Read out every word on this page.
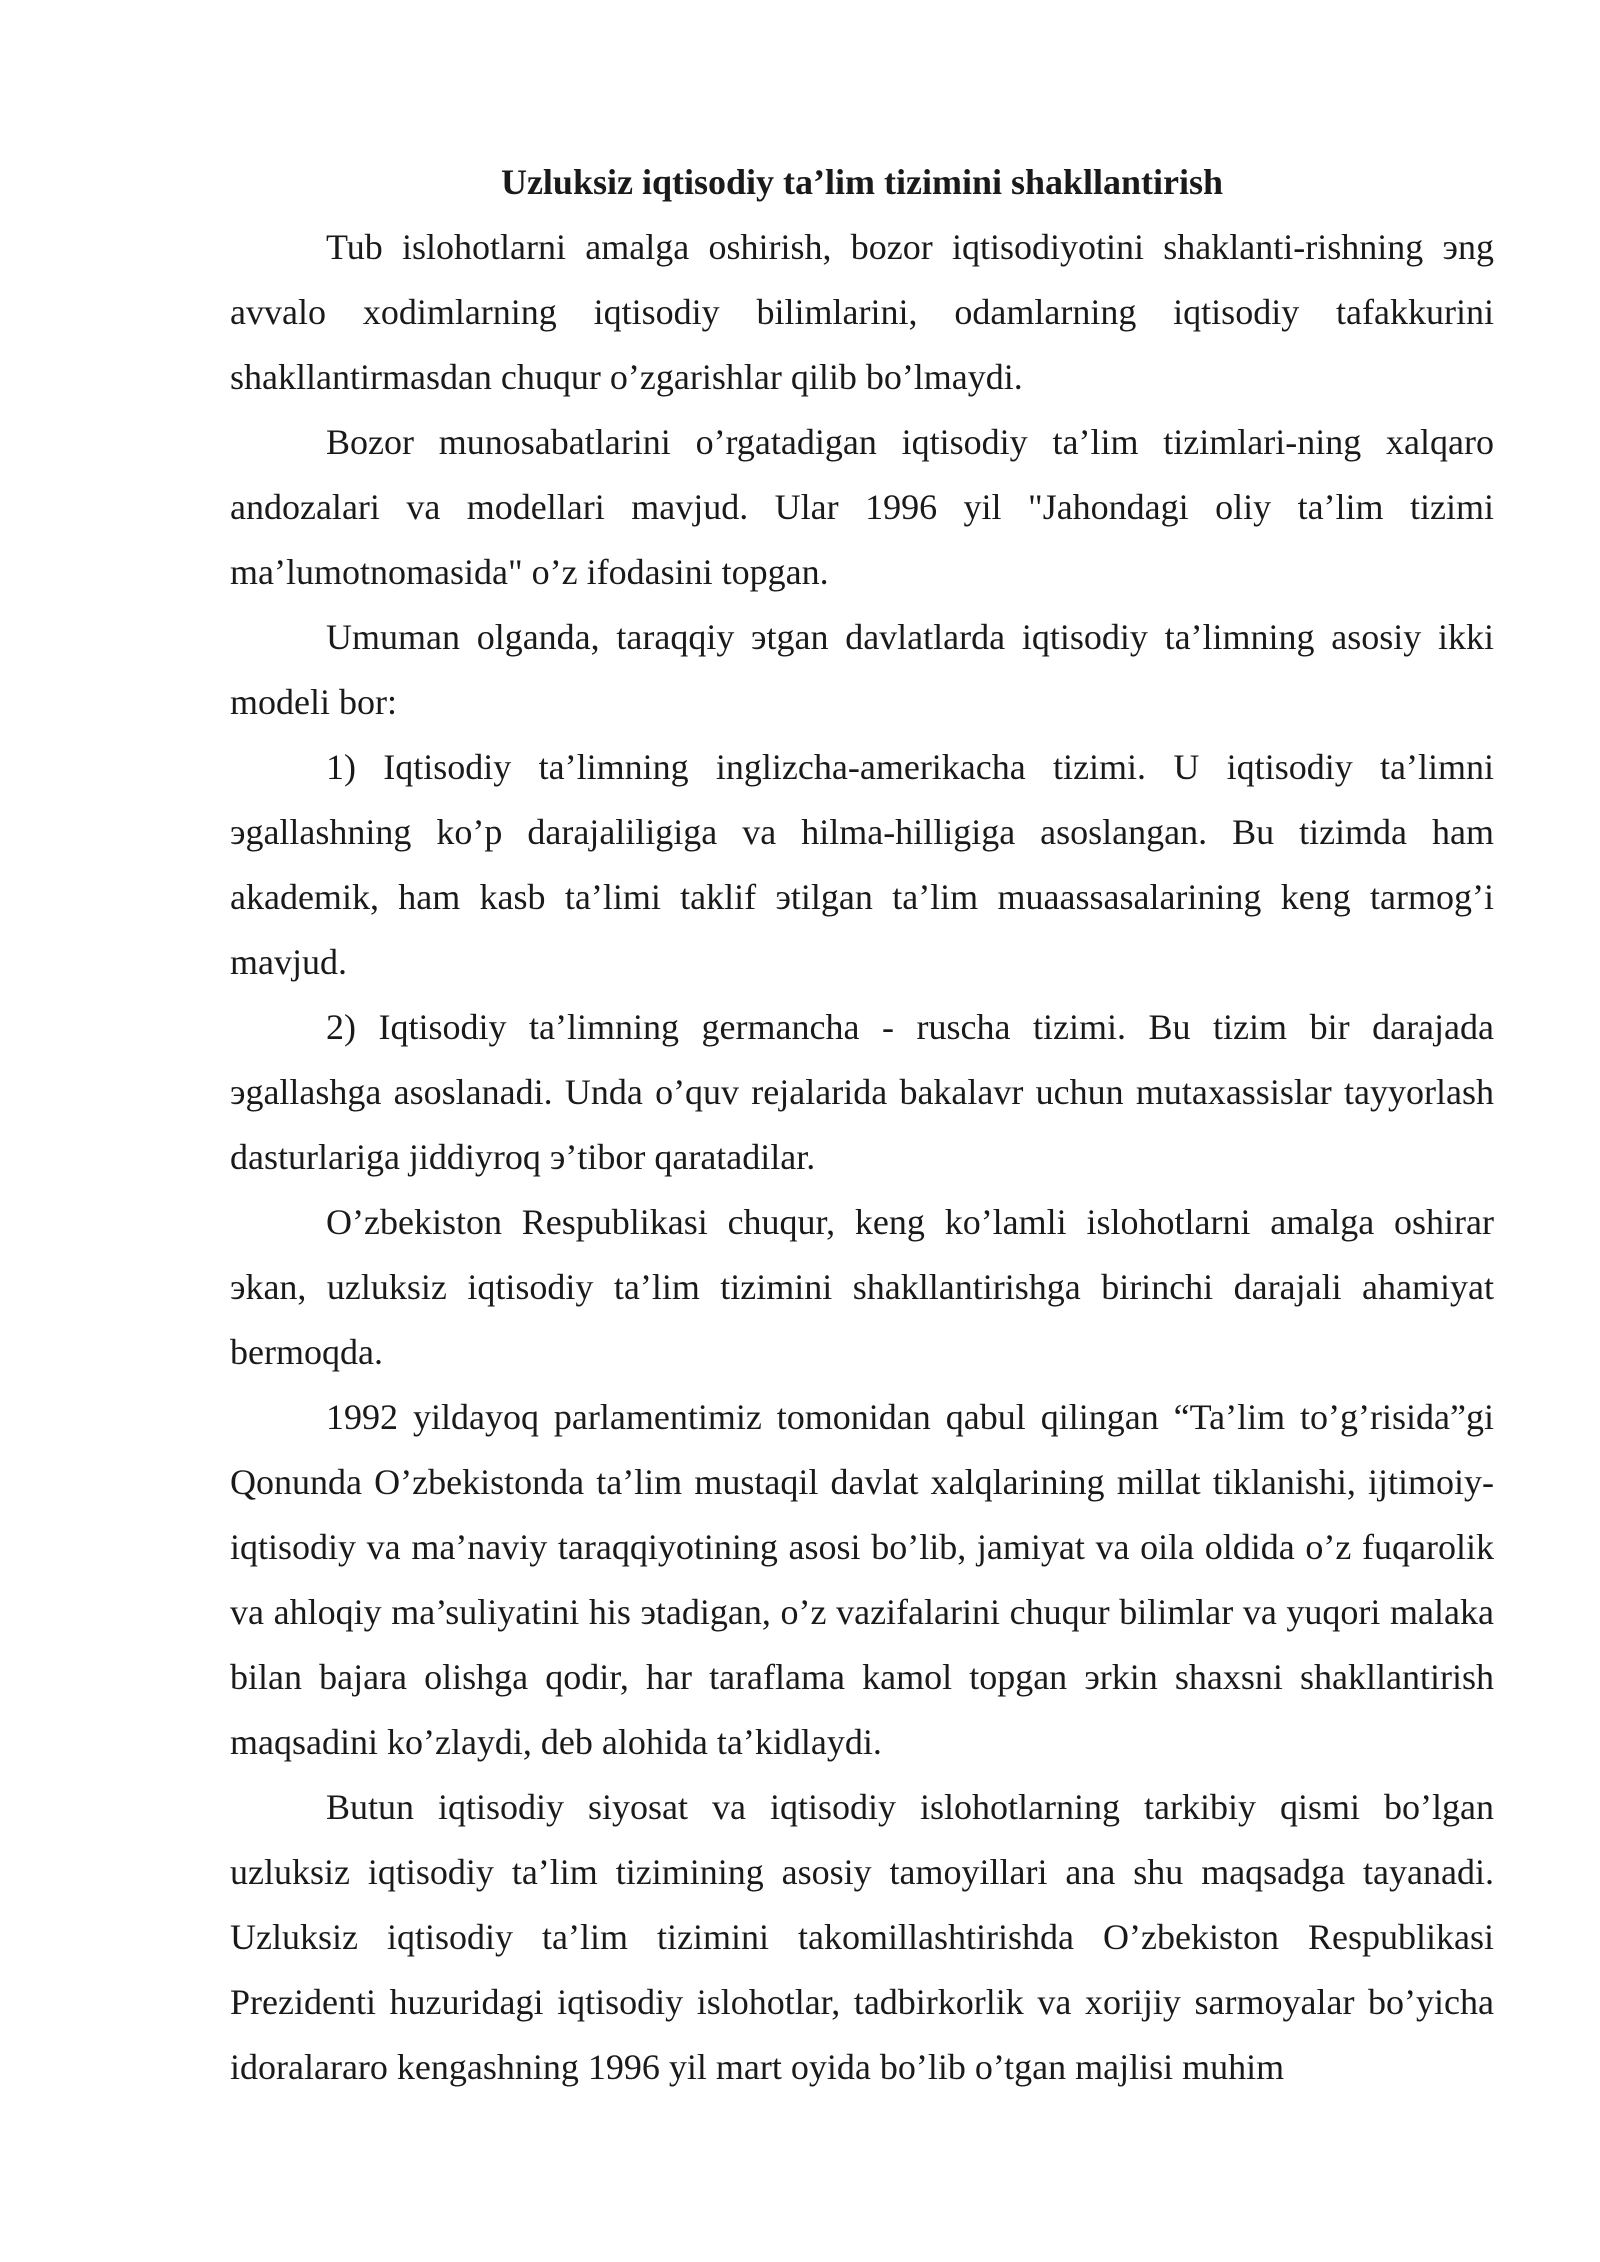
Uzluksiz iqtisodiy ta’lim tizimini shakllantirish

Tub islohotlarni amalga oshirish, bozor iqtisodiyotini shaklanti-rishning эng avvalo xodimlarning iqtisodiy bilimlarini, odamlarning iqtisodiy tafakkurini shakllantirmasdan chuqur o’zgarishlar qilib bo’lmaydi.

Bozor munosabatlarini o’rgatadigan iqtisodiy ta’lim tizimlari-ning xalqaro andozalari va modellari mavjud. Ular 1996 yil "Jahondagi oliy ta’lim tizimi ma’lumotnomasida" o’z ifodasini topgan.

Umuman olganda, taraqqiy эtgan davlatlarda iqtisodiy ta’limning asosiy ikki modeli bor:

1) Iqtisodiy ta’limning inglizcha-amerikacha tizimi. U iqtisodiy ta’limni эgallashning ko’p darajaliligiga va hilma-hilligiga asoslangan. Bu tizimda ham akademik, ham kasb ta’limi taklif эtilgan ta’lim muaassasalarining keng tarmog’i mavjud.

2) Iqtisodiy ta’limning germancha - ruscha tizimi. Bu tizim bir darajada эgallashga asoslanadi. Unda o’quv rejalarida bakalavr uchun mutaxassislar tayyorlash dasturlariga jiddiyroq э’tibor qaratadilar.

O’zbekiston Respublikasi chuqur, keng ko’lamli islohotlarni amalga oshirar эkan, uzluksiz iqtisodiy ta’lim tizimini shakllantirishga birinchi darajali ahamiyat bermoqda.

1992 yildayoq parlamentimiz tomonidan qabul qilingan “Ta’lim to’g’risida”gi Qonunda O’zbekistonda ta’lim mustaqil davlat xalqlarining millat tiklanishi, ijtimoiy-iqtisodiy va ma’naviy taraqqiyotining asosi bo’lib, jamiyat va oila oldida o’z fuqarolik va ahloqiy ma’suliyatini his эtadigan, o’z vazifalarini chuqur bilimlar va yuqori malaka bilan bajara olishga qodir, har taraflama kamol topgan эrkin shaxsni shakllantirish maqsadini ko’zlaydi, deb alohida ta’kidlaydi.

Butun iqtisodiy siyosat va iqtisodiy islohotlarning tarkibiy qismi bo’lgan uzluksiz iqtisodiy ta’lim tizimining asosiy tamoyillari ana shu maqsadga tayanadi. Uzluksiz iqtisodiy ta’lim tizimini takomillashtirishda O’zbekiston Respublikasi Prezidenti huzuridagi iqtisodiy islohotlar, tadbirkorlik va xorijiy sarmoyalar bo’yicha idoralararo kengashning 1996 yil mart oyida bo’lib o’tgan majlisi muhim
